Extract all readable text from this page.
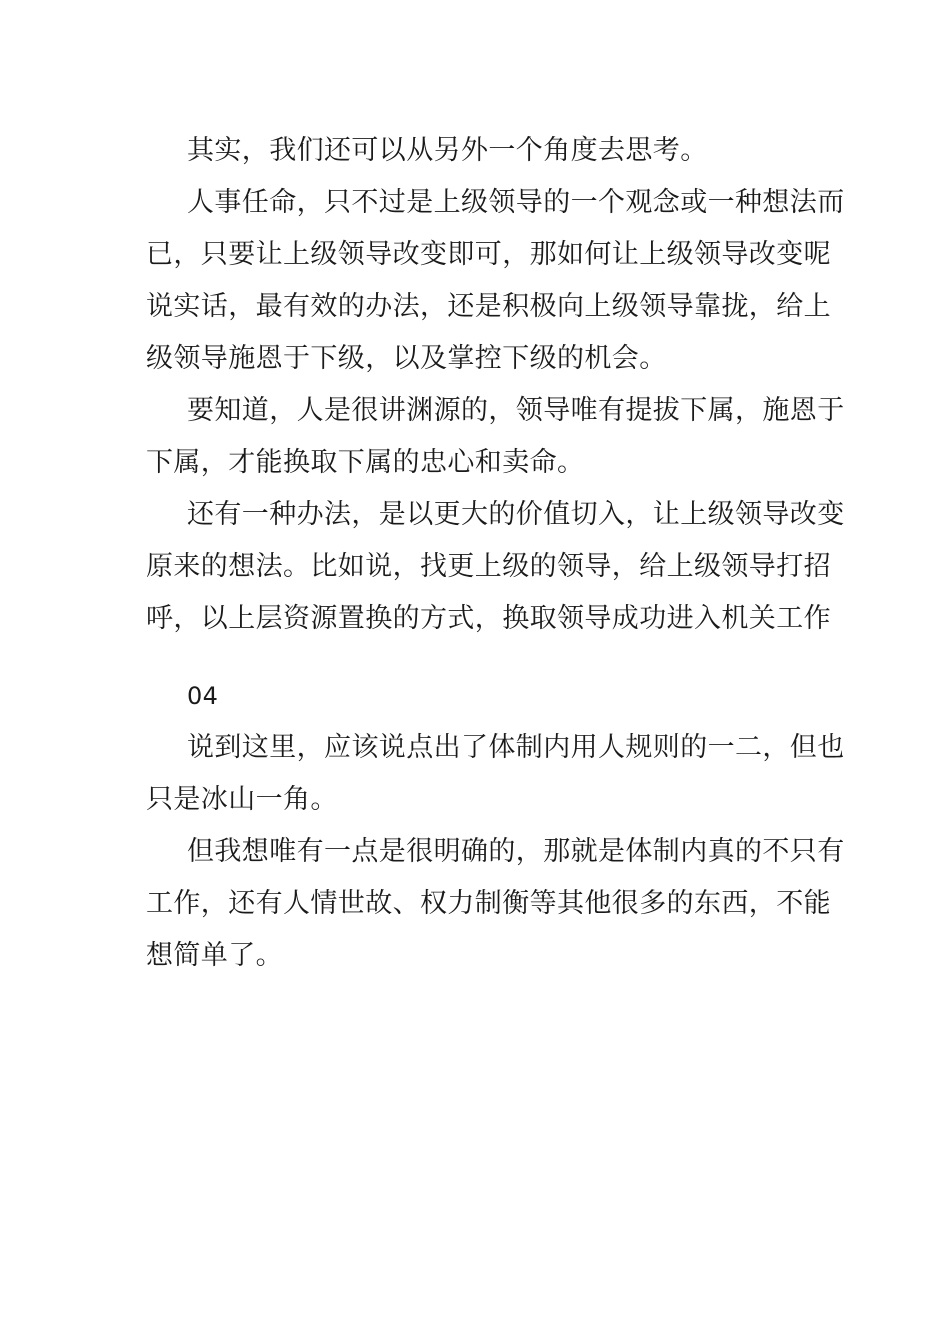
其实，我们还可以从另外一个角度去思考。
人事任命，只不过是上级领导的一个观念或一种想法而
已，只要让上级领导改变即可，那如何让上级领导改变呢
说实话，最有效的办法，还是积极向上级领导靠拢，给上
级领导施恩于下级，以及掌控下级的机会。
要知道，人是很讲渊源的，领导唯有提拔下属，施恩于
下属，才能换取下属的忠心和卖命。
还有一种办法，是以更大的价值切入，让上级领导改变
原来的想法。比如说，找更上级的领导，给上级领导打招
呼，以上层资源置换的方式，换取领导成功进入机关工作

04

说到这里，应该说点出了体制内用人规则的一二，但也
只是冰山一角。
但我想唯有一点是很明确的，那就是体制内真的不只有
工作，还有人情世故、权力制衡等其他很多的东西，不能
想简单了。
